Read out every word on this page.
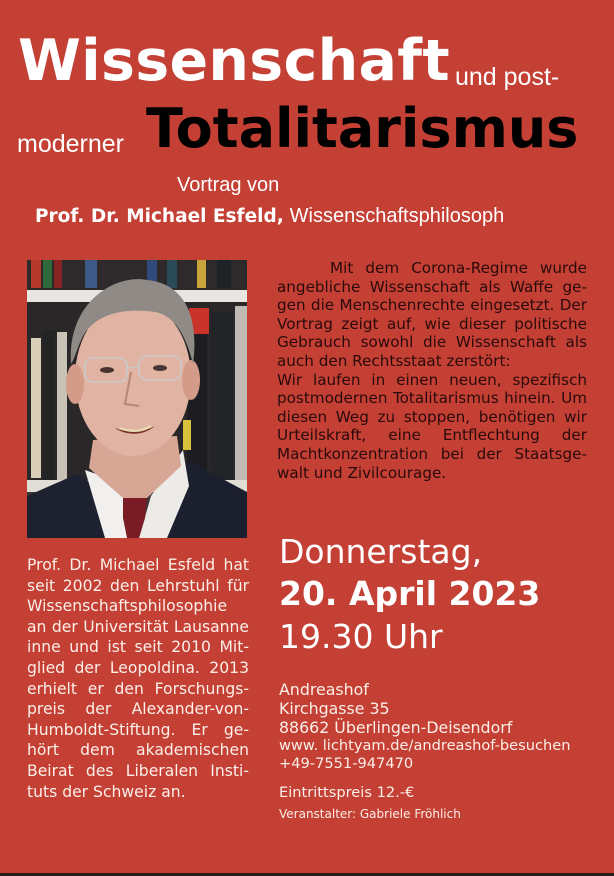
Wissenschaft und post-
moderner Totalitarismus
Vortrag von
Prof. Dr. Michael Esfeld, Wissenschaftsphilosoph

Mit dem Corona-Regime wurde angebliche Wissenschaft als Waffe gegen die Menschenrechte eingesetzt. Der Vortrag zeigt auf, wie dieser politische Gebrauch sowohl die Wissenschaft als auch den Rechtsstaat zerstört:

Wir laufen in einen neuen, spezifisch postmodernen Totalitarismus hinein. Um diesen Weg zu stoppen, benötigen wir Urteilskraft, eine Entflechtung der Machtkonzentration bei der Staatsgewalt und Zivilcourage.

Prof. Dr. Michael Esfeld hat seit 2002 den Lehrstuhl für Wissenschaftsphilosophie an der Universität Lausanne inne und ist seit 2010 Mitglied der Leopoldina. 2013 erhielt er den Forschungspreis der Alexander-von-Humboldt-Stiftung. Er gehört dem akademischen Beirat des Liberalen Instituts der Schweiz an.
Donnerstag,
20. April 2023
19.30 Uhr
Andreashof
Kirchgasse 35
88662 Überlingen-Deisendorf
www. lichtyam.de/andreashof-besuchen
+49-7551-947470
Eintrittspreis 12.-€
Veranstalter: Gabriele Fröhlich
